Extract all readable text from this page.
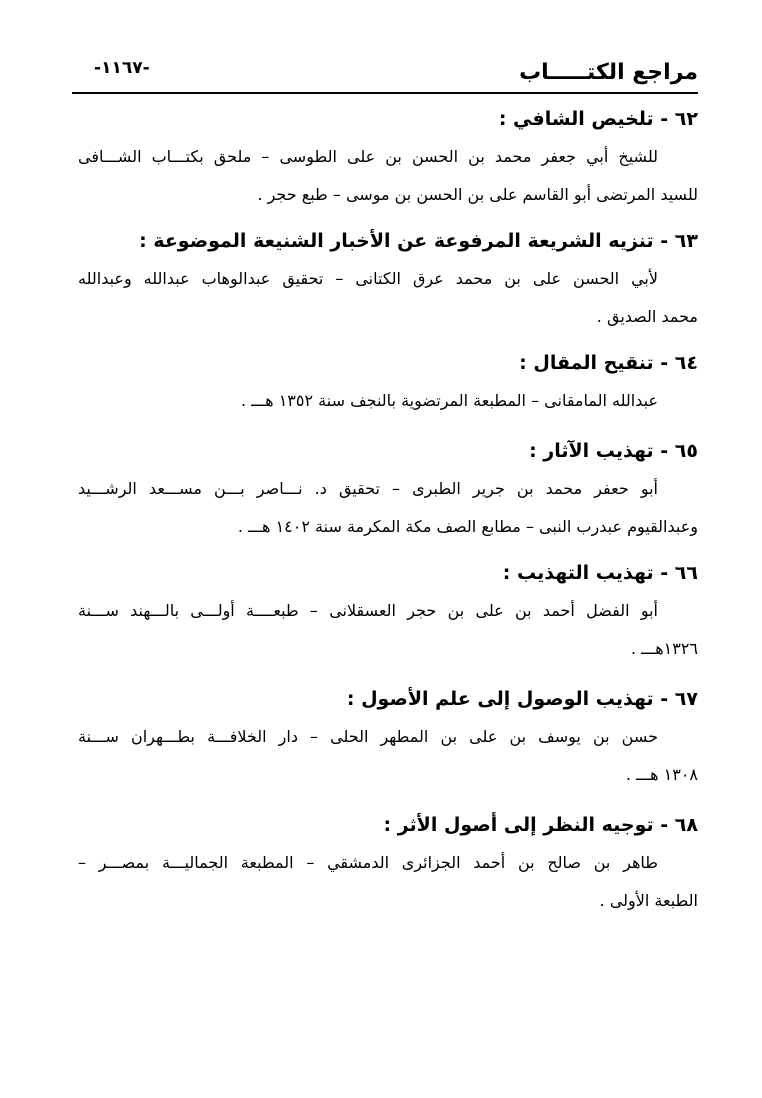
مراجع الكتـــــاب
-١١٦٧-
٦٢ - تلخيص الشافي :
للشيخ أبي جعفر محمد بن الحسن بن على الطوسى – ملحق بكتـــاب الشـــافى
للسيد المرتضى أبو القاسم على بن الحسن بن موسى – طبع حجر .
٦٣ - تنزيه الشريعة المرفوعة عن الأخبار الشنيعة الموضوعة :
لأبي الحسن على بن محمد عرق الكتانى – تحقيق عبدالوهاب عبدالله وعبدالله
محمد الصديق .
٦٤ - تنقيح المقال :
عبدالله المامقانى – المطبعة المرتضوية بالنجف سنة ١٣٥٢ هـــ .
٦٥ - تهذيب الآثار :
أبو حعفر محمد بن جرير الطبرى – تحقيق د. نـــاصر بـــن مســـعد الرشـــيد
وعبدالقيوم عبدرب النبى – مطابع الصف مكة المكرمة سنة ١٤٠٢ هـــ .
٦٦ - تهذيب التهذيب :
أبو الفضل أحمد بن على بن حجر العسقلانى – طبعــــة أولـــى بالـــهند ســـنة
١٣٢٦هـــ .
٦٧ - تهذيب الوصول إلى علم الأصول :
حسن بن يوسف بن على بن المطهر الحلى – دار الخلافـــة بطـــهران ســـنة
١٣٠٨ هـــ .
٦٨ - توجيه النظر إلى أصول الأثر :
طاهر بن صالح بن أحمد الجزائرى الدمشقي – المطبعة الجماليـــة بمصـــر –
الطبعة الأولى .
